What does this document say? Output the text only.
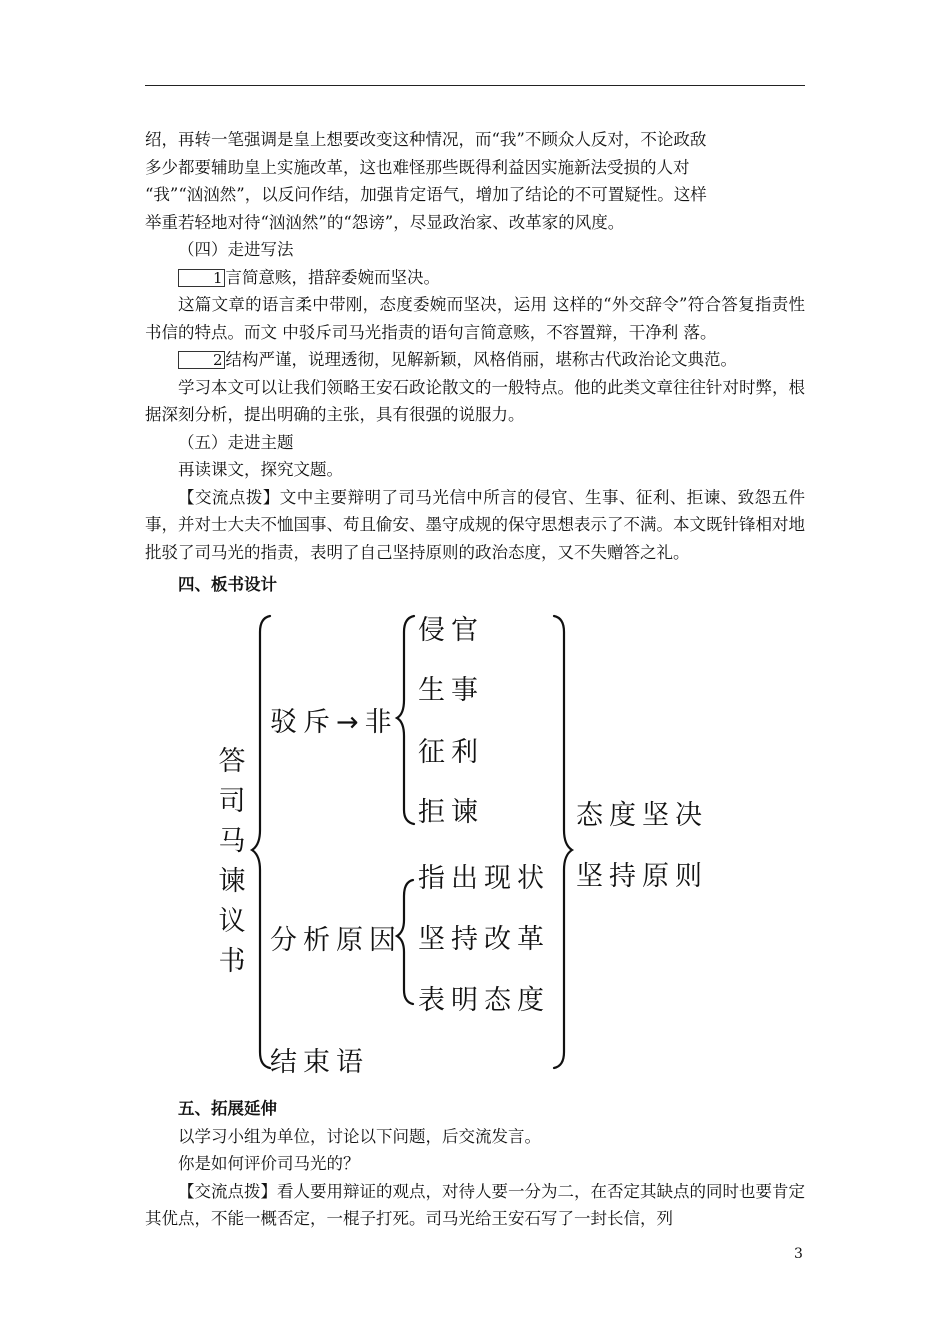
绍，再转一笔强调是皇上想要改变这种情况，而“我”不顾众人反对，不论政敌

多少都要辅助皇上实施改革，这也难怪那些既得利益因实施新法受损的人对

“我”“汹汹然”，以反问作结，加强肯定语气，增加了结论的不可置疑性。这样

举重若轻地对待“汹汹然”的“怨谤”，尽显政治家、改革家的风度。

（四）走进写法

1 言简意赅，措辞委婉而坚决。

这篇文章的语言柔中带刚，态度委婉而坚决，运用 这样的“外交辞令”符合答复指责性书信的特点。而文 中驳斥司马光指责的语句言简意赅，不容置辩，干净利 落。

2 结构严谨，说理透彻，见解新颖，风格俏丽，堪称古代政治论文典范。

学习本文可以让我们领略王安石政论散文的一般特点。他的此类文章往往针对时弊，根据深刻分析，提出明确的主张，具有很强的说服力。

（五）走进主题

再读课文，探究文题。

【交流点拨】文中主要辩明了司马光信中所言的侵官、生事、征利、拒谏、致怨五件事，并对士大夫不恤国事、苟且偷安、墨守成规的保守思想表示了不满。本文既针锋相对地批驳了司马光的指责，表明了自己坚持原则的政治态度，又不失赠答之礼。

四、板书设计

答司马谏议书
驳斥→非
侵官
生事
征利
拒谏
分析原因
指出现状
坚持改革
表明态度
结束语
态度坚决
坚持原则

五、拓展延伸

以学习小组为单位，讨论以下问题，后交流发言。

你是如何评价司马光的？

【交流点拨】看人要用辩证的观点，对待人要一分为二，在否定其缺点的同时也要肯定其优点，不能一概否定，一棍子打死。司马光给王安石写了一封长信，列

3
